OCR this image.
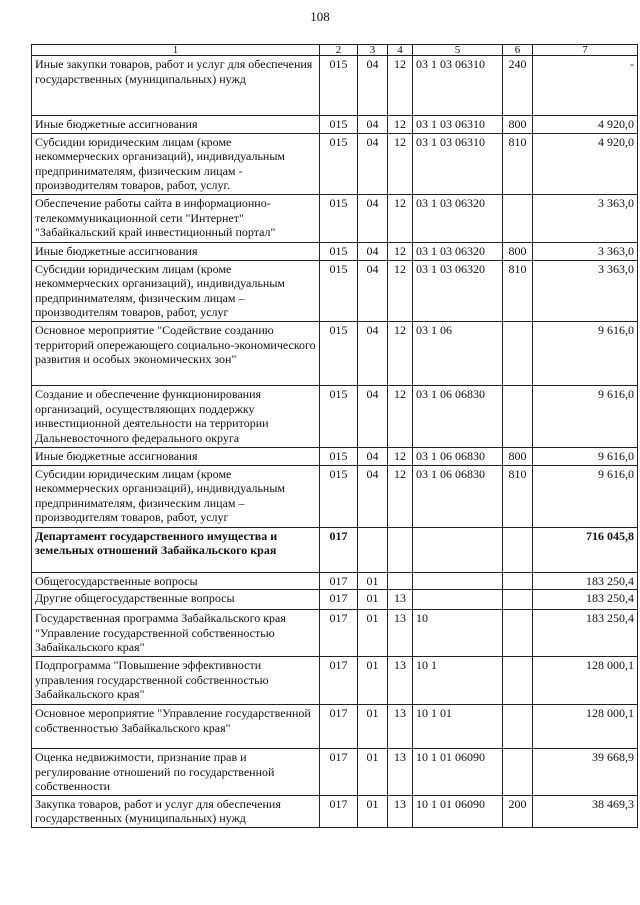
108
1	2	3	4	5	6	7
Иные закупки товаров, работ и услуг для обеспечения государственных (муниципальных) нужд	015	04	12	03 1 03 06310	240	-
Иные бюджетные ассигнования	015	04	12	03 1 03 06310	800	4 920,0
Субсидии юридическим лицам (кроме некоммерческих организаций), индивидуальным предпринимателям, физическим лицам - производителям товаров, работ, услуг.	015	04	12	03 1 03 06310	810	4 920,0
Обеспечение работы сайта в информационно-телекоммуникационной сети "Интернет" "Забайкальский край инвестиционный портал"	015	04	12	03 1 03 06320		3 363,0
Иные бюджетные ассигнования	015	04	12	03 1 03 06320	800	3 363,0
Субсидии юридическим лицам (кроме некоммерческих организаций), индивидуальным предпринимателям, физическим лицам – производителям товаров, работ, услуг	015	04	12	03 1 03 06320	810	3 363,0
Основное мероприятие "Содействие созданию территорий опережающего социально-экономического развития и особых экономических зон"	015	04	12	03 1 06		9 616,0
Создание и обеспечение функционирования организаций, осуществляющих поддержку инвестиционной деятельности на территории Дальневосточного федерального округа	015	04	12	03 1 06 06830		9 616,0
Иные бюджетные ассигнования	015	04	12	03 1 06 06830	800	9 616,0
Субсидии юридическим лицам (кроме некоммерческих организаций), индивидуальным предпринимателям, физическим лицам – производителям товаров, работ, услуг	015	04	12	03 1 06 06830	810	9 616,0
Департамент государственного имущества и земельных отношений Забайкальского края	017					716 045,8
Общегосударственные вопросы	017	01				183 250,4
Другие общегосударственные вопросы	017	01	13			183 250,4
Государственная программа Забайкальского края "Управление государственной собственностью Забайкальского края"	017	01	13	10		183 250,4
Подпрограмма "Повышение эффективности управления государственной собственностью Забайкальского края"	017	01	13	10 1		128 000,1
Основное мероприятие "Управление государственной собственностью Забайкальского края"	017	01	13	10 1 01		128 000,1
Оценка недвижимости, признание прав и регулирование отношений по государственной собственности	017	01	13	10 1 01 06090		39 668,9
Закупка товаров, работ и услуг для обеспечения государственных (муниципальных) нужд	017	01	13	10 1 01 06090	200	38 469,3
